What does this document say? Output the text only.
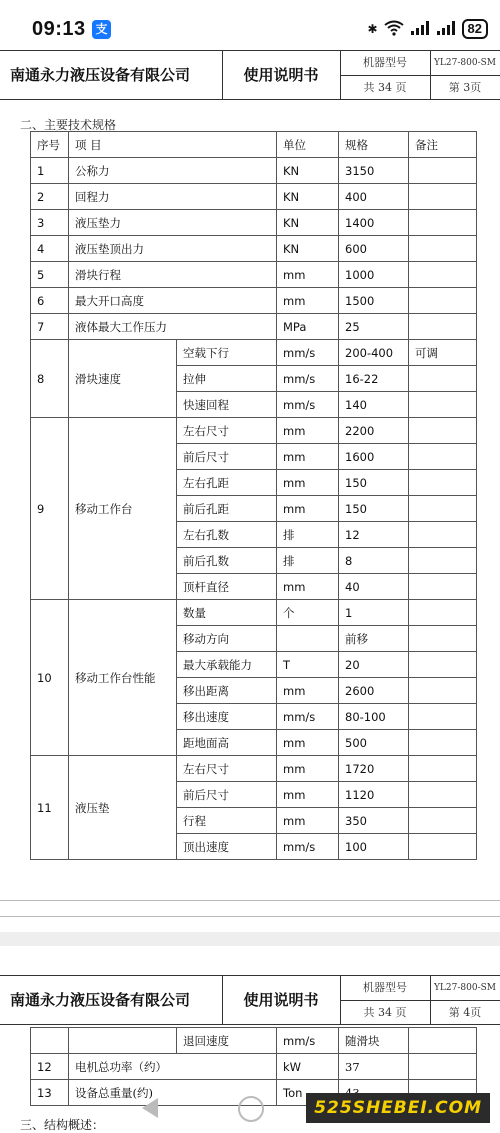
09:13 支	✱	82
南通永力液压设备有限公司	使用说明书
机器型号	YL27-800-SM
共 34 页	第 3页
二、主要技术规格
序号	项 目		单位	规格	备注
1	公称力		KN	3150	
2	回程力		KN	400	
3	液压垫力		KN	1400	
4	液压垫顶出力		KN	600	
5	滑块行程		mm	1000	
6	最大开口高度		mm	1500	
7	液体最大工作压力		MPa	25	
8	滑块速度	空载下行	mm/s	200-400	可调
		拉伸	mm/s	16-22	
		快速回程	mm/s	140	
9	移动工作台	左右尺寸	mm	2200	
		前后尺寸	mm	1600	
		左右孔距	mm	150	
		前后孔距	mm	150	
		左右孔数	排	12	
		前后孔数	排	8	
		顶杆直径	mm	40	
10	移动工作台性能	数量	个	1	
		移动方向		前移	
		最大承载能力	T	20	
		移出距离	mm	2600	
		移出速度	mm/s	80-100	
		距地面高	mm	500	
11	液压垫	左右尺寸	mm	1720	
		前后尺寸	mm	1120	
		行程	mm	350	
		顶出速度	mm/s	100	
南通永力液压设备有限公司	使用说明书
机器型号	YL27-800-SM
共 34 页	第 4页
		退回速度	mm/s	随滑块	
12	电机总功率（约）		kW	37	
13	设备总重量(约)		Ton		
三、结构概述：
525SHEBEI.COM
